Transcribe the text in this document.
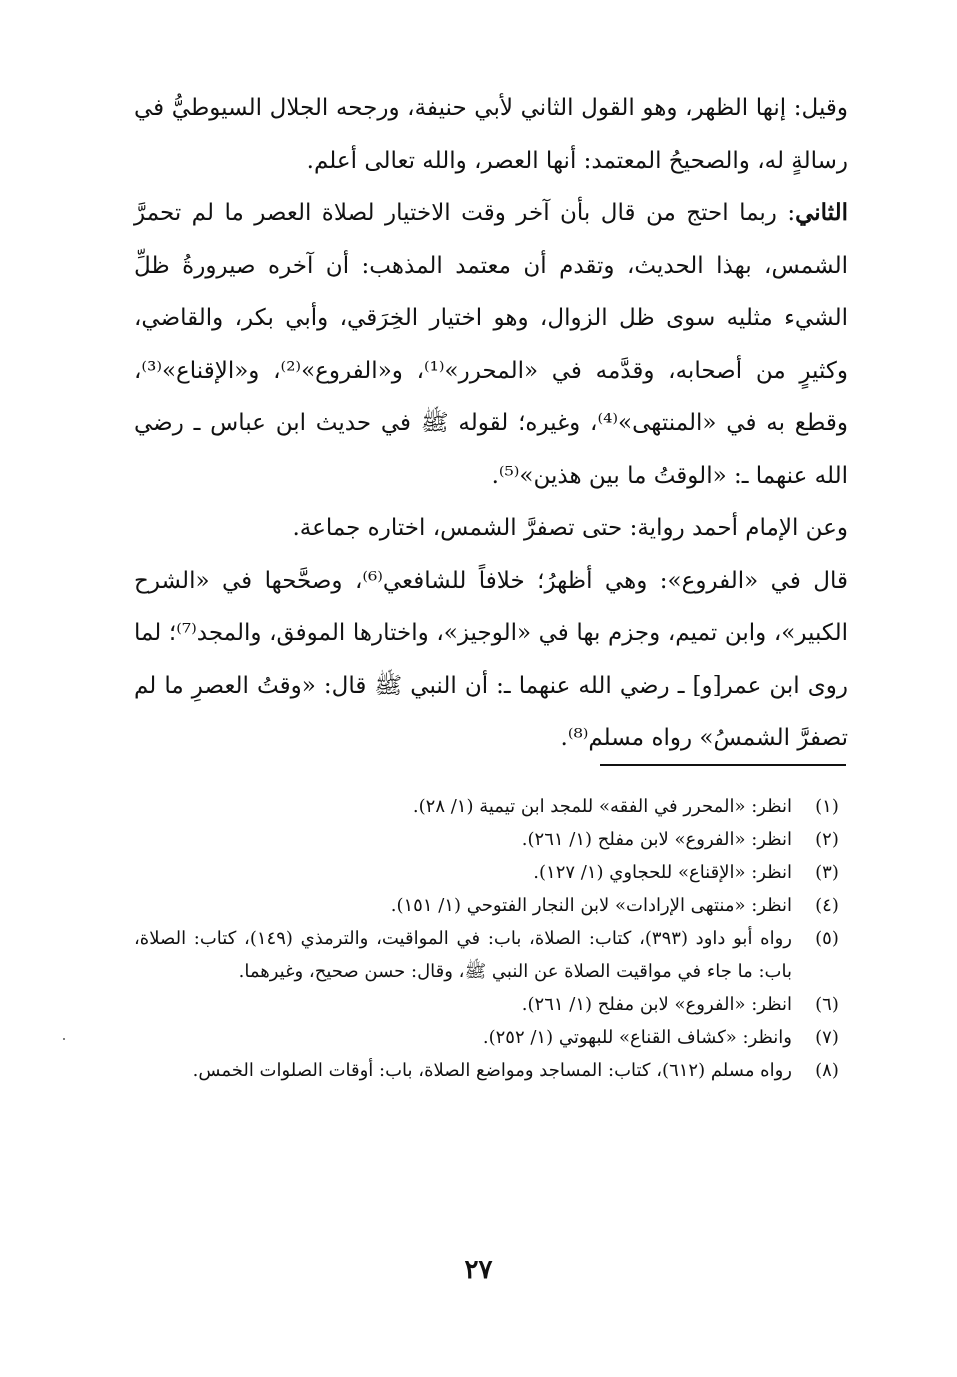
وقيل: إنها الظهر، وهو القول الثاني لأبي حنيفة، ورجحه الجلال السيوطيُّ في رسالةٍ له، والصحيحُ المعتمد: أنها العصر، والله تعالى أعلم.

الثاني: ربما احتج من قال بأن آخر وقت الاختيار لصلاة العصر ما لم تحمرَّ الشمس، بهذا الحديث، وتقدم أن معتمد المذهب: أن آخره صيرورةُ ظلِّ الشيء مثليه سوى ظل الزوال، وهو اختيار الخِرَقي، وأبي بكر، والقاضي، وكثيرٍ من أصحابه، وقدَّمه في «المحرر»⁽¹⁾، و«الفروع»⁽²⁾، و«الإقناع»⁽³⁾، وقطع به في «المنتهى»⁽⁴⁾، وغيره؛ لقوله ﷺ في حديث ابن عباس ـ رضي الله عنهما ـ: «الوقتُ ما بين هذين»⁽⁵⁾.

وعن الإمام أحمد رواية: حتى تصفرَّ الشمس، اختاره جماعة.

قال في «الفروع»: وهي أظهرُ؛ خلافاً للشافعي⁽⁶⁾، وصحَّحها في «الشرح الكبير»، وابن تميم، وجزم بها في «الوجيز»، واختارها الموفق، والمجد⁽⁷⁾؛ لما روى ابن عمر[و] ـ رضي الله عنهما ـ: أن النبي ﷺ قال: «وقتُ العصرِ ما لم تصفرَّ الشمسُ» رواه مسلم⁽⁸⁾.

(١)
انظر: «المحرر في الفقه» للمجد ابن تيمية (١/ ٢٨).
(٢)
انظر: «الفروع» لابن مفلح (١/ ٢٦١).
(٣)
انظر: «الإقناع» للحجاوي (١/ ١٢٧).
(٤)
انظر: «منتهى الإرادات» لابن النجار الفتوحي (١/ ١٥١).
(٥)
رواه أبو داود (٣٩٣)، كتاب: الصلاة، باب: في المواقيت، والترمذي (١٤٩)، كتاب: الصلاة، باب: ما جاء في مواقيت الصلاة عن النبي ﷺ، وقال: حسن صحيح، وغيرهما.
(٦)
انظر: «الفروع» لابن مفلح (١/ ٢٦١).
(٧)
وانظر: «كشاف القناع» للبهوتي (١/ ٢٥٢).
(٨)
رواه مسلم (٦١٢)، كتاب: المساجد ومواضع الصلاة، باب: أوقات الصلوات الخمس.
٢٧
